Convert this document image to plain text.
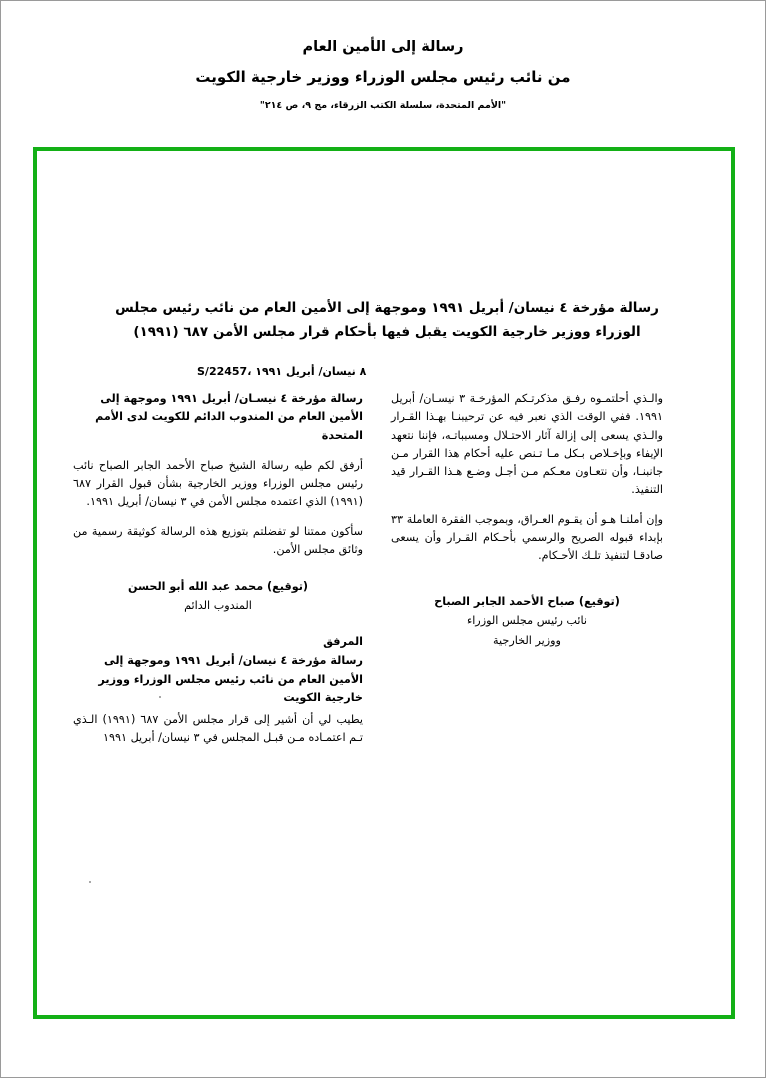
رسالة إلى الأمين العام
من نائب رئيس مجلس الوزراء ووزير خارجية الكويت
"الأمم المتحدة، سلسلة الكتب الزرقاء، مج ٩، ص ٢١٤"
رسالة مؤرخة ٤ نيسان/ أبريل ١٩٩١ وموجهة إلى الأمين العام من نائب رئيس مجلس الوزراء ووزير خارجية الكويت يقبل فيها بأحكام قرار مجلس الأمن ٦٨٧ (١٩٩١)
S/22457، ٨ نيسان/ أبريل ١٩٩١
رسالة مؤرخة ٤ نيسـان/ أبريل ١٩٩١ وموجهة إلى الأمين العام من المندوب الدائم للكويت لدى الأمم المتحدة
أرفق لكم طيه رسالة الشيخ صباح الأحمد الجابر الصباح نائب رئيس مجلس الوزراء ووزير الخارجية بشأن قبول القرار ٦٨٧ (١٩٩١) الذي اعتمده مجلس الأمن في ٣ نيسان/ أبريل ١٩٩١.
سأكون ممتنا لو تفضلتم بتوزيع هذه الرسالة كوثيقة رسمية من وثائق مجلس الأمن.
(توقيع) محمد عبد الله أبو الحسن
المندوب الدائم
المرفق
رسالة مؤرخة ٤ نيسان/ أبريل ١٩٩١ وموجهة إلى الأمين العام من نائب رئيس مجلس الوزراء ووزير خارجية الكويت
يطيب لي أن أشير إلى قرار مجلس الأمن ٦٨٧ (١٩٩١) الـذي تـم اعتمـاده مـن قبـل المجلس في ٣ نيسان/ أبريل ١٩٩١
والـذي أحلتمـوه رفـق مذكرتـكم المؤرخـة ٣ نيسـان/ أبريل ١٩٩١. ففي الوقت الذي نعبر فيه عن ترحيبنـا بهـذا القـرار والـذي يسعى إلى إزالة آثار الاحتـلال ومسبباتـه، فإننا نتعهد الإيفاء وبإخـلاص بـكل مـا تـنص عليه أحكام هذا القرار مـن جانبنـا، وأن نتعـاون معـكم مـن أجـل وضـع هـذا القـرار قيد التنفيذ.
وإن أملنـا هـو أن يقـوم العـراق، وبموجب الفقرة العاملة ٣٣ بإبداء قبوله الصريح والرسمي بأحـكام القـرار وأن يسعى صادقـا لتنفيذ تلـك الأحـكام.
(توقيع) صباح الأحمد الجابر الصباح
نائب رئيس مجلس الوزراء
ووزير الخارجية
